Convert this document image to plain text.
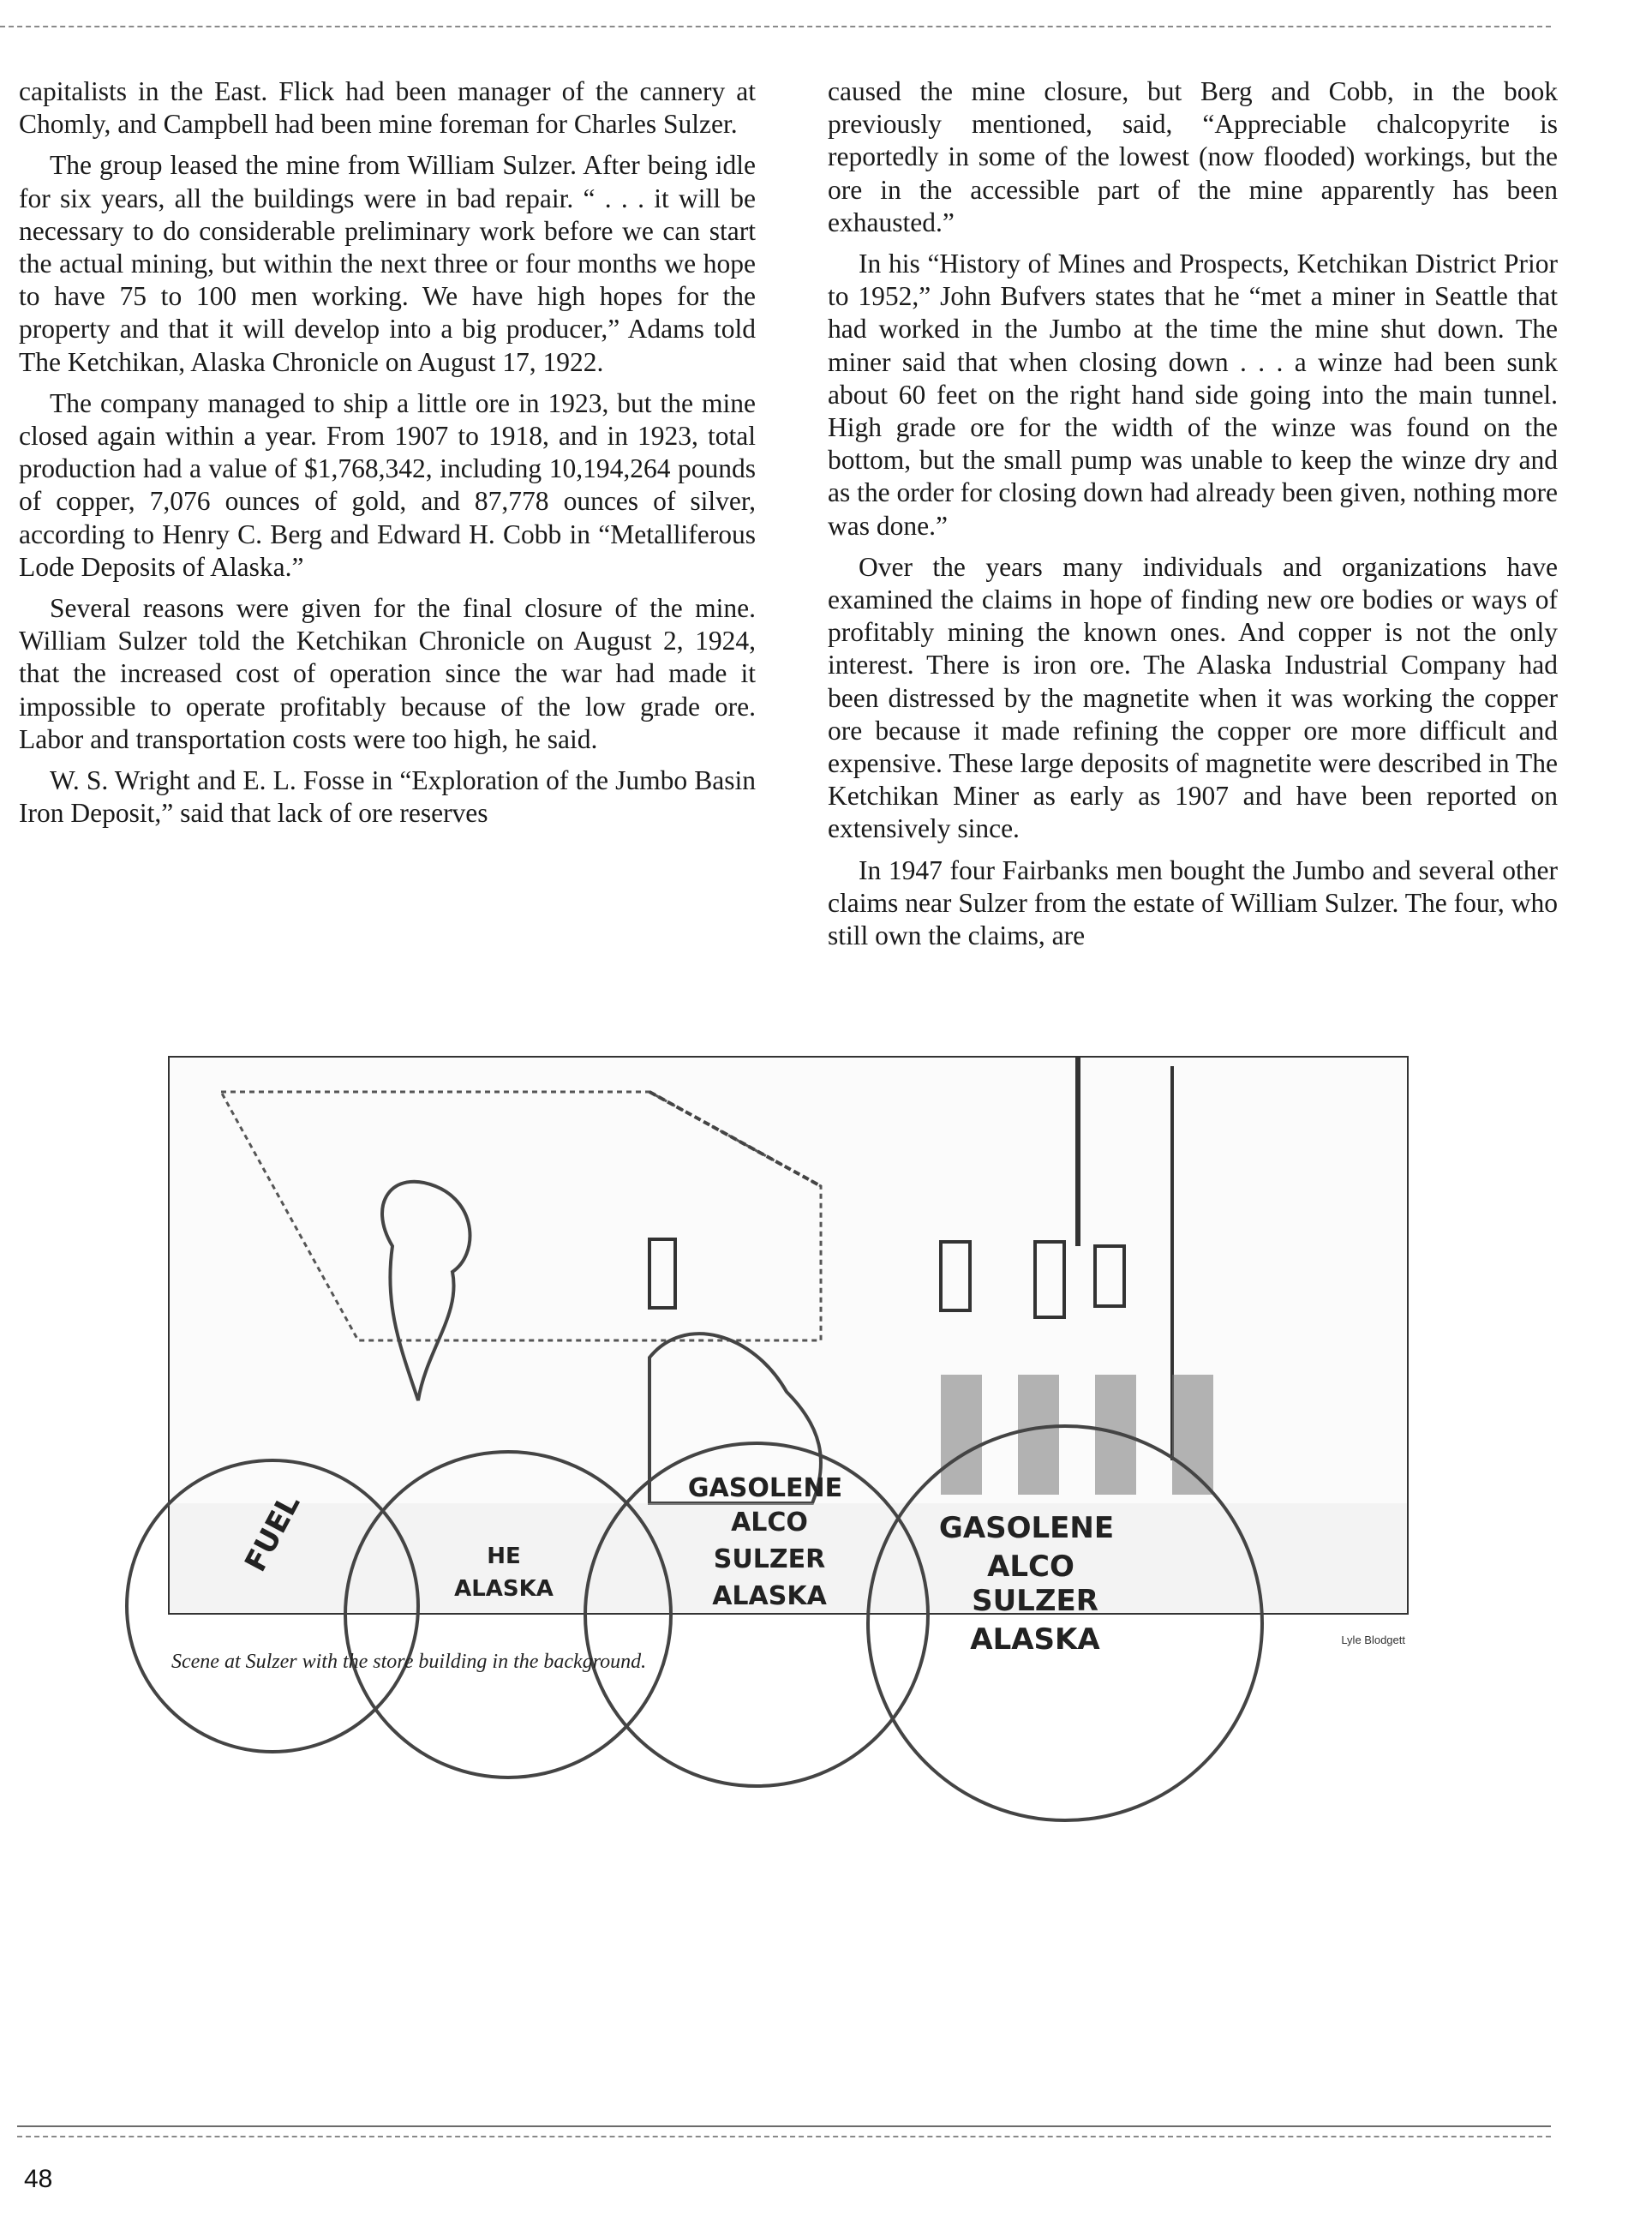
capitalists in the East. Flick had been manager of the cannery at Chomly, and Campbell had been mine foreman for Charles Sulzer.

The group leased the mine from William Sulzer. After being idle for six years, all the buildings were in bad repair. “ . . . it will be necessary to do considerable preliminary work before we can start the actual mining, but within the next three or four months we hope to have 75 to 100 men working. We have high hopes for the property and that it will develop into a big producer,” Adams told The Ketchikan, Alaska Chronicle on August 17, 1922.

The company managed to ship a little ore in 1923, but the mine closed again within a year. From 1907 to 1918, and in 1923, total production had a value of $1,768,342, including 10,194,264 pounds of copper, 7,076 ounces of gold, and 87,778 ounces of silver, according to Henry C. Berg and Edward H. Cobb in “Metalliferous Lode Deposits of Alaska.”

Several reasons were given for the final closure of the mine. William Sulzer told the Ketchikan Chronicle on August 2, 1924, that the increased cost of operation since the war had made it impossible to operate profitably because of the low grade ore. Labor and transportation costs were too high, he said.

W. S. Wright and E. L. Fosse in “Exploration of the Jumbo Basin Iron Deposit,” said that lack of ore reserves

caused the mine closure, but Berg and Cobb, in the book previously mentioned, said, “Appreciable chalcopyrite is reportedly in some of the lowest (now flooded) workings, but the ore in the accessible part of the mine apparently has been exhausted.”

In his “History of Mines and Prospects, Ketchikan District Prior to 1952,” John Bufvers states that he “met a miner in Seattle that had worked in the Jumbo at the time the mine shut down. The miner said that when closing down . . . a winze had been sunk about 60 feet on the right hand side going into the main tunnel. High grade ore for the width of the winze was found on the bottom, but the small pump was unable to keep the winze dry and as the order for closing down had already been given, nothing more was done.”

Over the years many individuals and organizations have examined the claims in hope of finding new ore bodies or ways of profitably mining the known ones. And copper is not the only interest. There is iron ore. The Alaska Industrial Company had been distressed by the magnetite when it was working the copper ore because it made refining the copper ore more difficult and expensive. These large deposits of magnetite were described in The Ketchikan Miner as early as 1907 and have been reported on extensively since.

In 1947 four Fairbanks men bought the Jumbo and several other claims near Sulzer from the estate of William Sulzer. The four, who still own the claims, are

GASOLENE
ALCO
SULZER
ALASKA
GASOLENE
ALCO
SULZER
ALASKA
HE
ALASKA
FUEL
Lyle Blodgett
Scene at Sulzer with the store building in the background.
48
